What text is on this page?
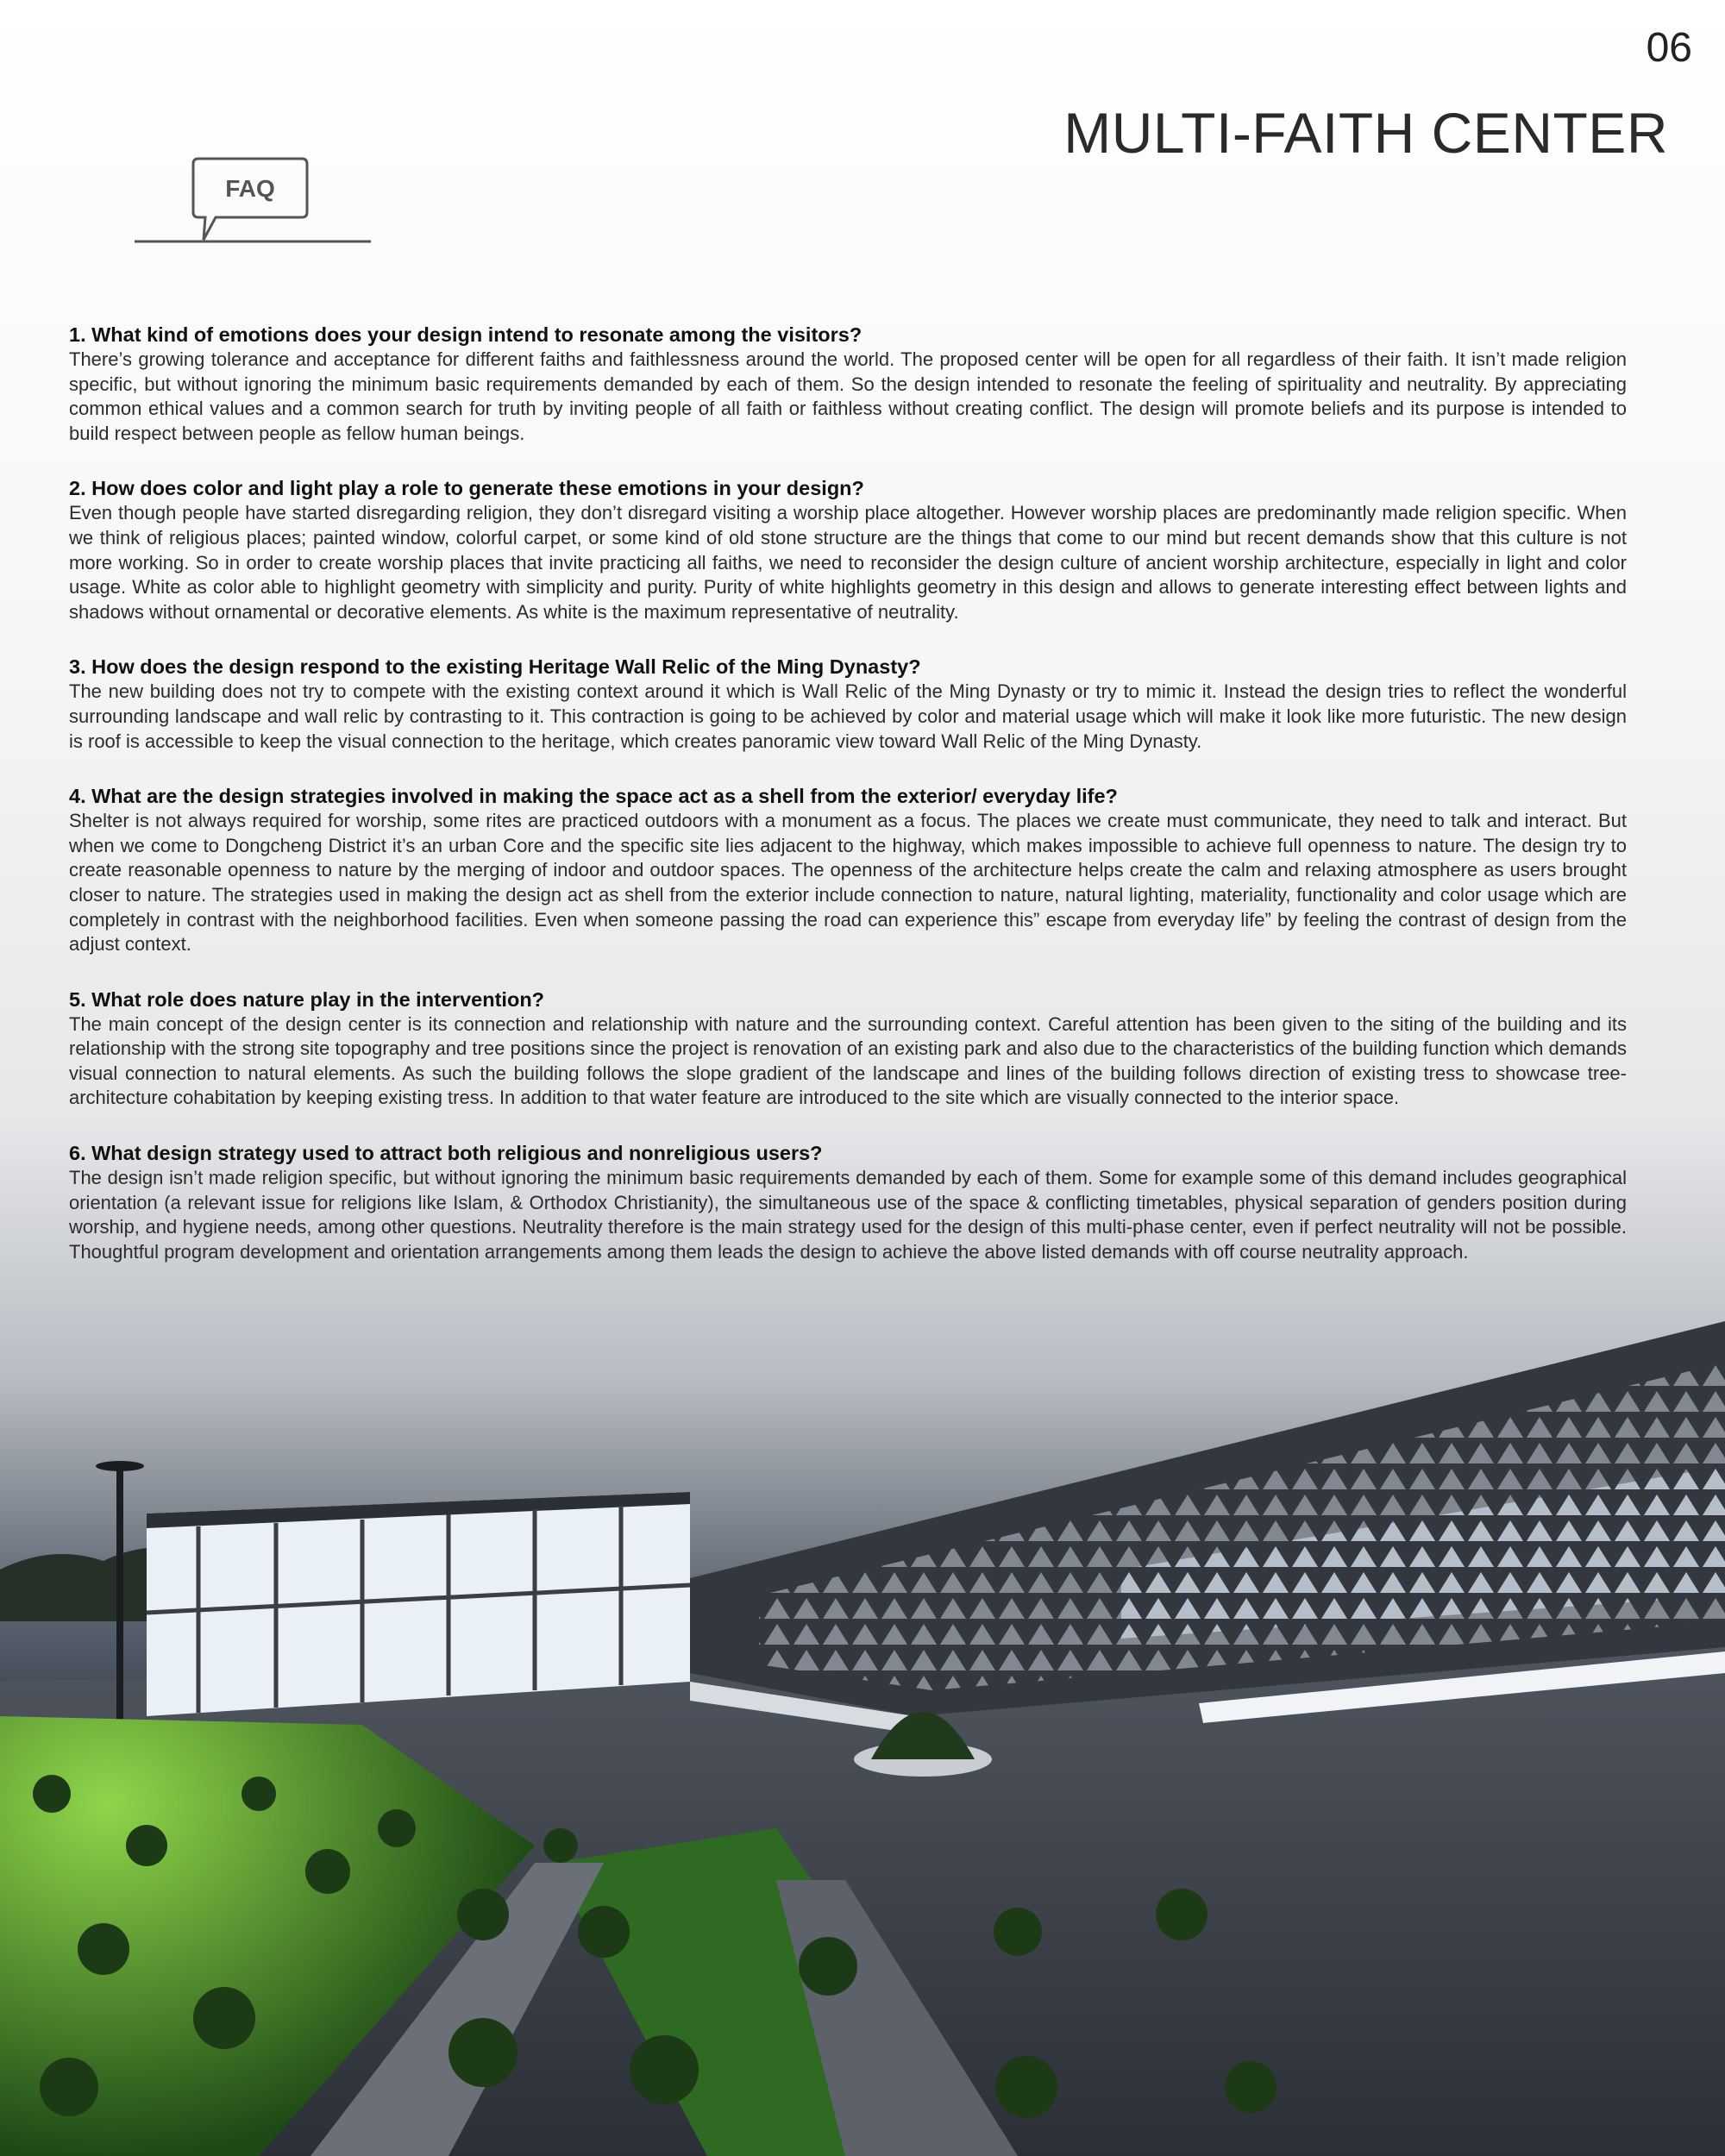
06
MULTI-FAITH CENTER
FAQ

1. What kind of emotions does your design intend to resonate among the visitors?

There’s growing tolerance and acceptance for different faiths and faithlessness around the world. The proposed center will be open for all regardless of their faith. It isn’t made religion specific, but without ignoring the minimum basic requirements demanded by each of them. So the design intended to resonate the feeling of spirituality and neutrality. By appreciating common ethical values and a common search for truth by inviting people of all faith or faithless without creating conflict. The design will promote beliefs and its purpose is intended to build respect between people as fellow human beings.

2. How does color and light play a role to generate these emotions in your design?

Even though people have started disregarding religion, they don’t disregard visiting a worship place altogether. However worship places are predominantly made religion specific. When we think of religious places; painted window, colorful carpet, or some kind of old stone structure are the things that come to our mind but recent demands show that this culture is not more working. So in order to create worship places that invite practicing all faiths, we need to reconsider the design culture of ancient worship architecture, especially in light and color usage. White as color able to highlight geometry with simplicity and purity. Purity of white highlights geometry in this design and allows to generate interesting effect between lights and shadows without ornamental or decorative elements. As white is the maximum representative of neutrality.

3. How does the design respond to the existing Heritage Wall Relic of the Ming Dynasty?

The new building does not try to compete with the existing context around it which is Wall Relic of the Ming Dynasty or try to mimic it. Instead the design tries to reflect the wonderful surrounding landscape and wall relic by contrasting to it. This contraction is going to be achieved by color and material usage which will make it look like more futuristic. The new design is roof is accessible to keep the visual connection to the heritage, which creates panoramic view toward Wall Relic of the Ming Dynasty.

4. What are the design strategies involved in making the space act as a shell from the exterior/ everyday life?

Shelter is not always required for worship, some rites are practiced outdoors with a monument as a focus. The places we create must communicate, they need to talk and interact. But when we come to Dongcheng District it’s an urban Core and the specific site lies adjacent to the highway, which makes impossible to achieve full openness to nature. The design try to create reasonable openness to nature by the merging of indoor and outdoor spaces. The openness of the architecture helps create the calm and relaxing atmosphere as users brought closer to nature. The strategies used in making the design act as shell from the exterior include connection to nature, natural lighting, materiality, functionality and color usage which are completely in contrast with the neighborhood facilities. Even when someone passing the road can experience this” escape from everyday life” by feeling the contrast of design from the adjust context.

5. What role does nature play in the intervention?

The main concept of the design center is its connection and relationship with nature and the surrounding context. Careful attention has been given to the siting of the building and its relationship with the strong site topography and tree positions since the project is renovation of an existing park and also due to the characteristics of the building function which demands visual connection to natural elements. As such the building follows the slope gradient of the landscape and lines of the building follows direction of existing tress to showcase tree-architecture cohabitation by keeping existing tress. In addition to that water feature are introduced to the site which are visually connected to the interior space.

6. What design strategy used to attract both religious and nonreligious users?

The design isn’t made religion specific, but without ignoring the minimum basic requirements demanded by each of them. Some for example some of this demand includes geographical orientation (a relevant issue for religions like Islam, & Orthodox Christianity), the simultaneous use of the space & conflicting timetables, physical separation of genders position during worship, and hygiene needs, among other questions. Neutrality therefore is the main strategy used for the design of this multi-phase center, even if perfect neutrality will not be possible. Thoughtful program development and orientation arrangements among them leads the design to achieve the above listed demands with off course neutrality approach.
